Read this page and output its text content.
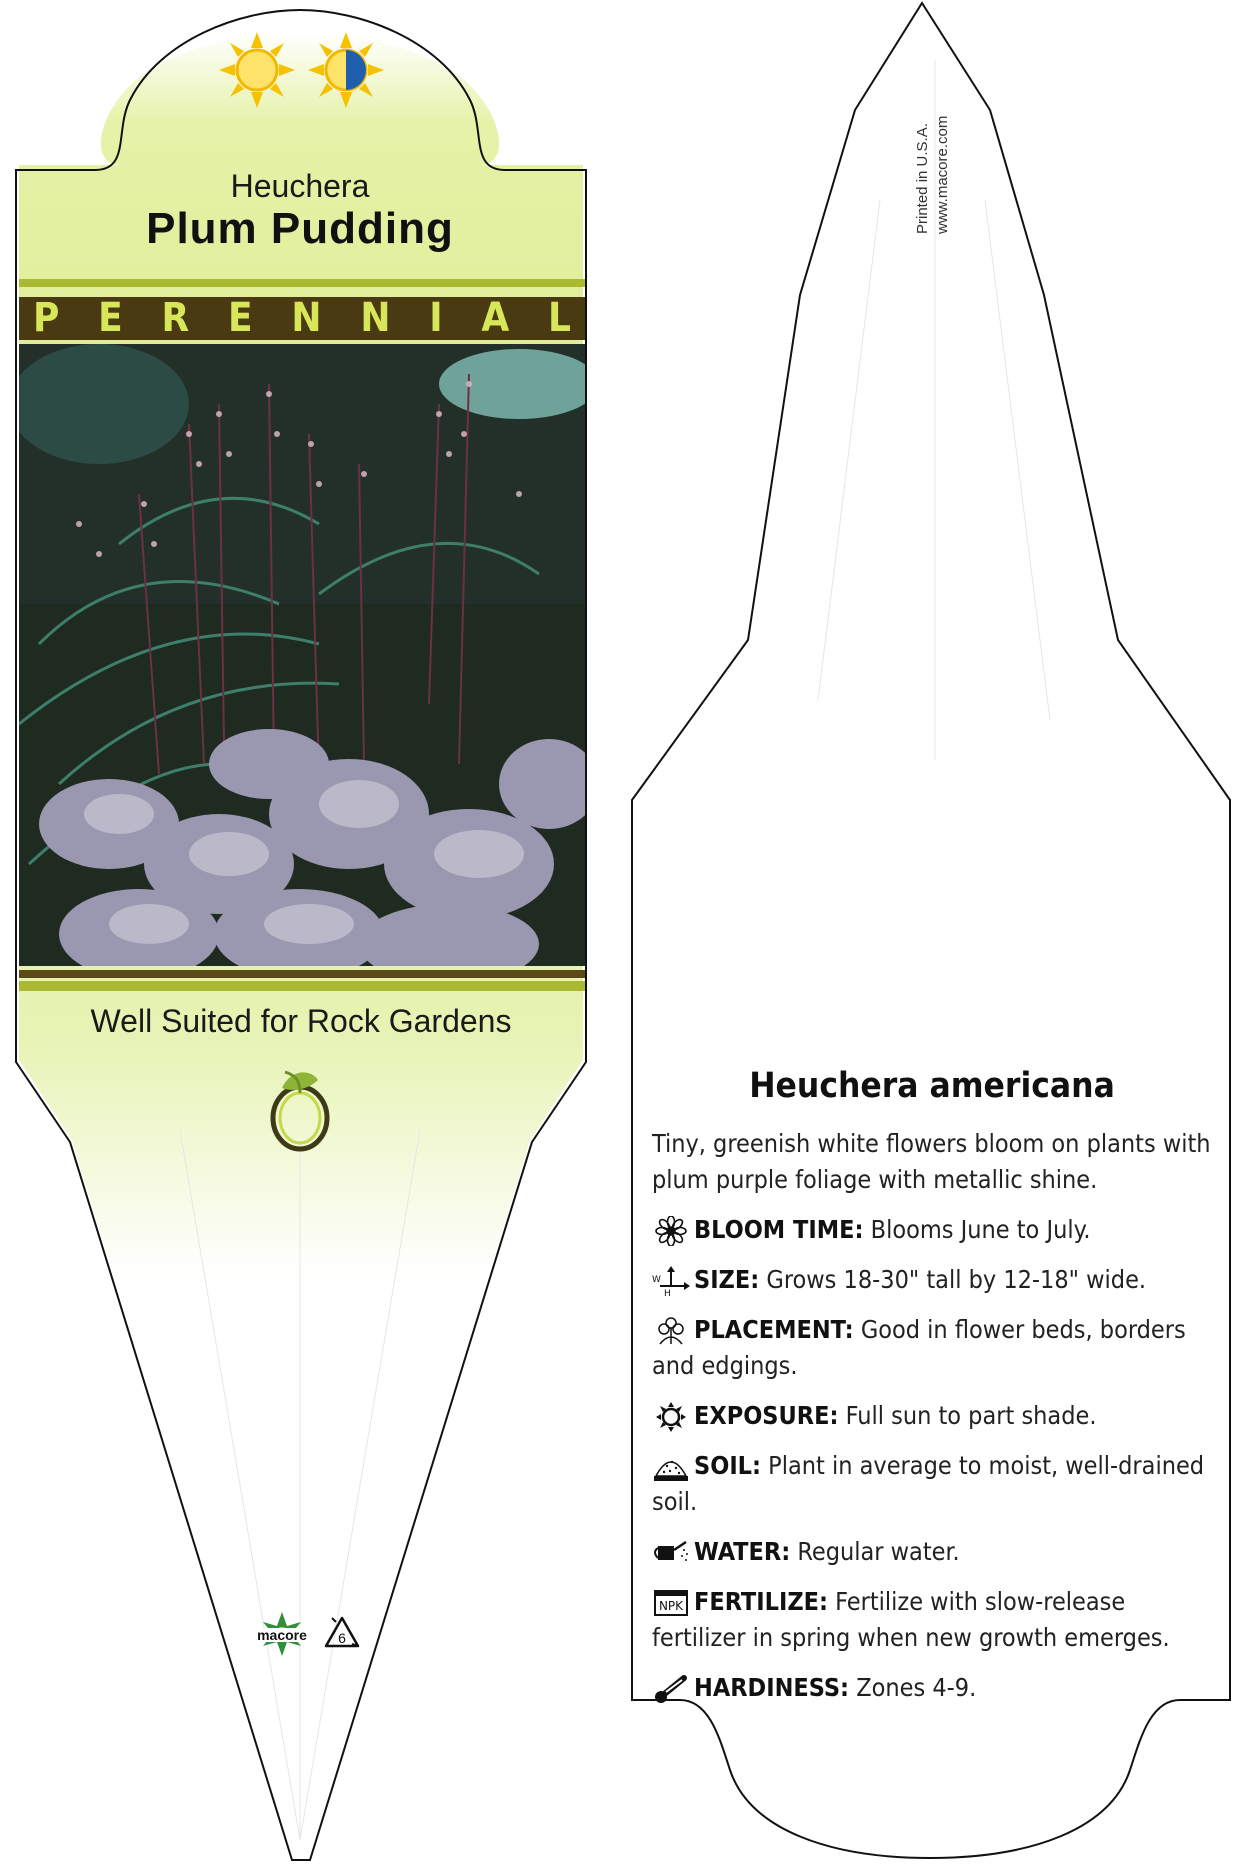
Heuchera
Plum Pudding
P E R E N N I A L
Well Suited for Rock Gardens
Printed in U.S.A. www.macore.com
Heuchera americana
Tiny, greenish white flowers bloom on plants with plum purple foliage with metallic shine.
BLOOM TIME: Blooms June to July.
W
H SIZE: Grows 18-30" tall by 12-18" wide.
PLACEMENT: Good in flower beds, borders and edgings.
EXPOSURE: Full sun to part shade.
SOIL: Plant in average to moist, well-drained soil.
WATER: Regular water.
NPK FERTILIZE: Fertilize with slow-release fertilizer in spring when new growth emerges.
HARDINESS: Zones 4-9.
macore 6
